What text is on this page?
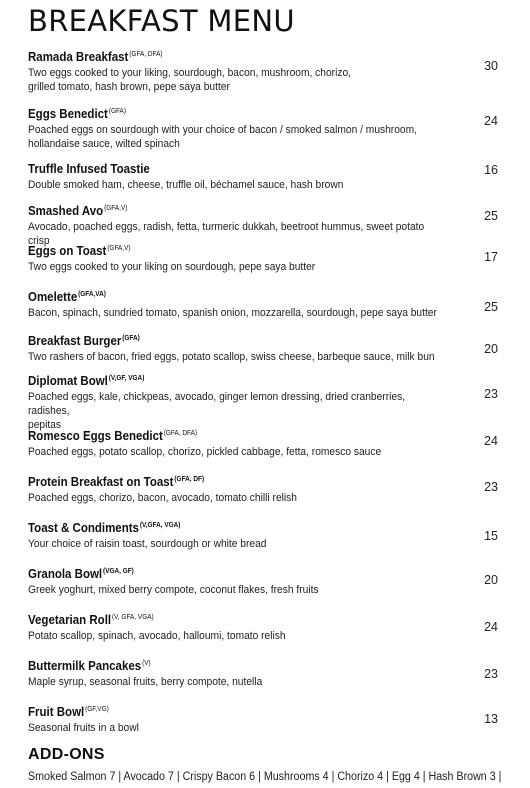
BREAKFAST MENU
Ramada Breakfast$^{(GFA, DFA)}$
Two eggs cooked to your liking, sourdough, bacon, mushroom, chorizo,
grilled tomato, hash brown, pepe saya butter
30
Eggs Benedict$^{(GFA)}$
Poached eggs on sourdough with your choice of bacon / smoked salmon / mushroom,
hollandaise sauce, wilted spinach
24
Truffle Infused Toastie
Double smoked ham, cheese, truffle oil, béchamel sauce, hash brown
16
Smashed Avo$^{(GFA,V)}$
Avocado, poached eggs, radish, fetta, turmeric dukkah, beetroot hummus, sweet potato crisp
25
Eggs on Toast$^{(GFA,V)}$
Two eggs cooked to your liking on sourdough, pepe saya butter
17
Omelette$^{(GFA,VA)}$
Bacon, spinach, sundried tomato, spanish onion, mozzarella, sourdough, pepe saya butter	25
Breakfast Burger$^{(GFA)}$
Two rashers of bacon, fried eggs, potato scallop, swiss cheese, barbeque sauce, milk bun
20
Diplomat Bowl$^{(V,GF, VGA)}$
Poached eggs, kale, chickpeas, avocado, ginger lemon dressing, dried cranberries, radishes,
pepitas
23
Romesco Eggs Benedict$^{(GFA, DFA)}$
Poached eggs, potato scallop, chorizo, pickled cabbage, fetta, romesco sauce
24
Protein Breakfast on Toast$^{(GFA, DF)}$
Poached eggs, chorizo, bacon, avocado, tomato chilli relish
23
Toast & Condiments$^{(V,GFA, VGA)}$
Your choice of raisin toast, sourdough or white bread
15
Granola Bowl$^{(VGA, GF)}$
Greek yoghurt, mixed berry compote, coconut flakes, fresh fruits
20
Vegetarian Roll$^{(V, GFA, VGA)}$
Potato scallop, spinach, avocado, halloumi, tomato relish
24
Buttermilk Pancakes$^{(V)}$
Maple syrup, seasonal fruits, berry compote, nutella
23
Fruit Bowl$^{(GF,VG)}$
Seasonal fruits in a bowl
13
ADD-ONS
Smoked Salmon 7 | Avocado 7 | Crispy Bacon 6 | Mushrooms 4 | Chorizo 4 | Egg 4 | Hash Brown 3 |
